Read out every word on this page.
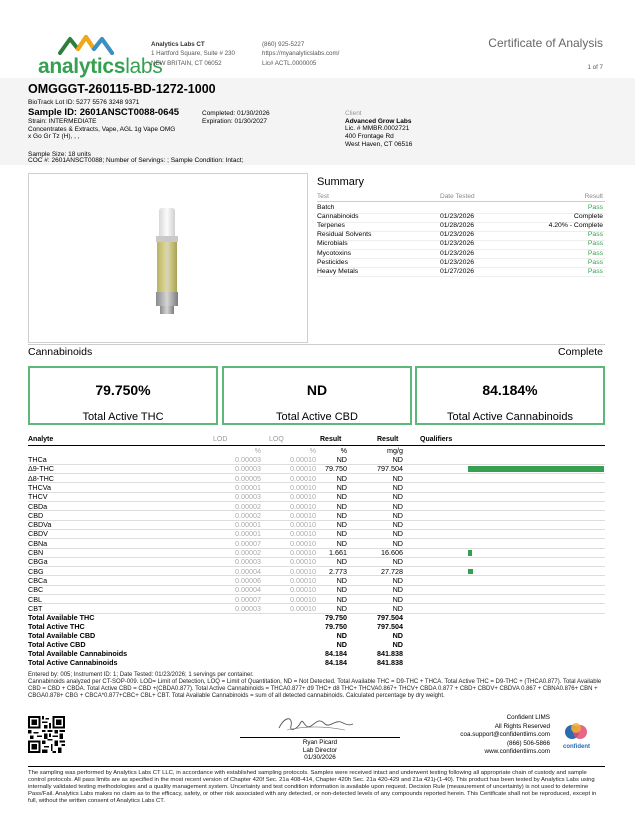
analyticslabs
Analytics Labs CT
1 Hartford Square, Suite # 230
NEW BRITAIN, CT 06052
(860) 925-5227
https://myanalyticslabs.com/
Lic# ACTL.0000005
Certificate of Analysis
1 of 7
OMGGGT-260115-BD-1272-1000
BioTrack Lot ID: 5277 5576 3248 9371
Sample ID: 2601ANSCT0088-0645
Strain: INTERMEDIATE
Concentrates & Extracts, Vape, AGL 1g Vape OMG
x Go Gr Tz (H), , ,
Completed: 01/30/2026
Expiration: 01/30/2027
Sample Size: 18 units
COC #: 2601ANSCT0088; Number of Servings: ; Sample Condition: Intact;
Client
Advanced Grow Labs
Lic. # MMBR.0002721
400 Frontage Rd
West Haven, CT 06516
Summary
Test	Date Tested	Result
Batch	Pass
Cannabinoids	01/23/2026	Complete
Terpenes	01/28/2026	4.20% - Complete
Residual Solvents	01/23/2026	Pass
Microbials	01/23/2026	Pass
Mycotoxins	01/23/2026	Pass
Pesticides	01/23/2026	Pass
Heavy Metals	01/27/2026	Pass
Cannabinoids	Complete
79.750%
Total Active THC
ND
Total Active CBD
84.184%
Total Active Cannabinoids
Analyte	LOD	LOQ	Result	Result	Qualifiers
%	%	%	mg/g
THCa	0.00003	0.00010	ND	ND
Δ9-THC	0.00003	0.00010	79.750	797.504
Δ8-THC	0.00005	0.00010	ND	ND
THCVa	0.00001	0.00010	ND	ND
THCV	0.00003	0.00010	ND	ND
CBDa	0.00002	0.00010	ND	ND
CBD	0.00002	0.00010	ND	ND
CBDVa	0.00001	0.00010	ND	ND
CBDV	0.00001	0.00010	ND	ND
CBNa	0.00007	0.00010	ND	ND
CBN	0.00002	0.00010	1.661	16.606
CBGa	0.00003	0.00010	ND	ND
CBG	0.00004	0.00010	2.773	27.728
CBCa	0.00006	0.00010	ND	ND
CBC	0.00004	0.00010	ND	ND
CBL	0.00007	0.00010	ND	ND
CBT	0.00003	0.00010	ND	ND
Total Available THC	79.750	797.504
Total Active THC	79.750	797.504
Total Available CBD	ND	ND
Total Active CBD	ND	ND
Total Available Cannabinoids	84.184	841.838
Total Active Cannabinoids	84.184	841.838
Entered by: 005; Instrument ID: 1; Date Tested: 01/23/2026; 1 servings per container.
Cannabinoids analyzed per CT-SOP-009. LOD= Limit of Detection, LOQ = Limit of Quantitation, ND = Not Detected. Total Available THC = D9-THC + THCA. Total Active THC = D9-THC + (THCA0.877). Total Available CBD = CBD + CBDA. Total Active CBD = CBD +(CBDA0.877). Total Active Cannabinoids = THCA0.877+ d9 THC+ d8 THC+ THCVA0.867+ THCV+ CBDA 0.877 + CBD+ CBDV+ CBDVA 0.867 + CBNA0.876+ CBN + CBGA0.878+ CBG + CBCA*0.877+CBC+ CBL+ CBT. Total Available Cannabinoids = sum of all detected cannabinoids. Calculated percentage by dry weight.
Ryan Picard
Lab Director
01/30/2026
Confident LIMS
All Rights Reserved
coa.support@confidentlims.com
(866) 506-5866
www.confidentlims.com
confident
The sampling was performed by Analytics Labs CT LLC, in accordance with established sampling protocols. Samples were received intact and underwent testing following all appropriate chain of custody and sample control protocols. All pass limits are as specified in the most recent version of Chapter 420f Sec. 21a 408-414, Chapter 420h Sec. 21a 420-429 and 21a 421j-(1-40). This product has been tested by Analytics Labs using internally validated testing methodologies and a quality management system. Uncertainty and test condition information is available upon request. Decision Rule (measurement of uncertainty) is not used to determine Pass/Fail. Analytics Labs makes no claim as to the efficacy, safety, or other risk associated with any detected, or non-detected levels of any compounds reported herein. This Certificate shall not be reproduced, except in full, without the written consent of Analytics Labs CT.
